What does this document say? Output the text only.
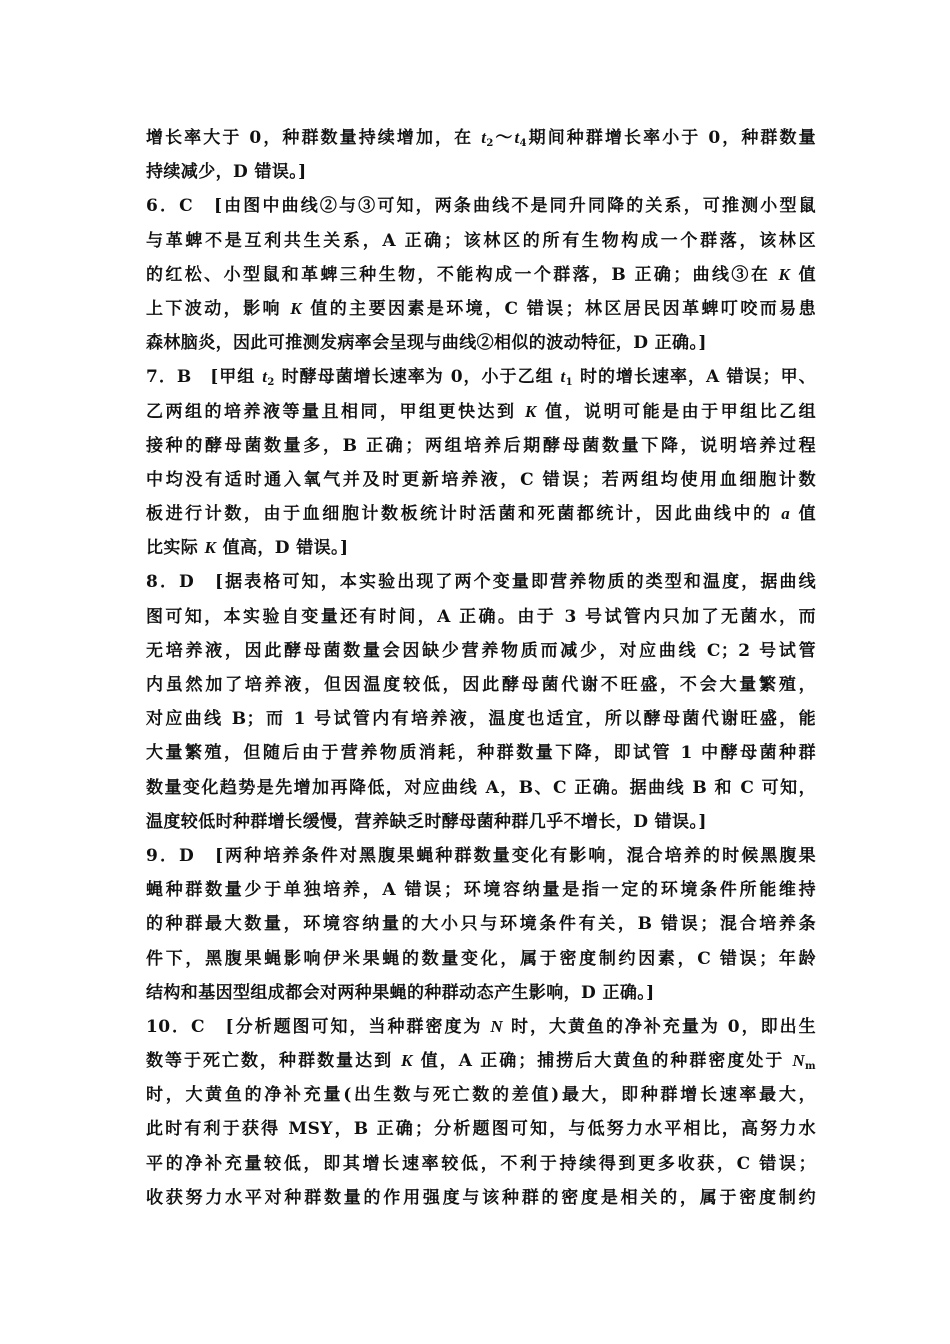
增长率大于 0，种群数量持续增加，在 $t_2\sim t_4$期间种群增长率小于 0，种群数量
持续减少，D 错误。]
6．C　[由图中曲线②与③可知，两条曲线不是同升同降的关系，可推测小型鼠
与革蜱不是互利共生关系，A 正确；该林区的所有生物构成一个群落，该林区
的红松、小型鼠和革蜱三种生物，不能构成一个群落，B 正确；曲线③在 K 值
上下波动，影响 K 值的主要因素是环境，C 错误；林区居民因革蜱叮咬而易患
森林脑炎，因此可推测发病率会呈现与曲线②相似的波动特征，D 正确。]
7．B　[甲组 $t_2$ 时酵母菌增长速率为 0，小于乙组 $t_1$ 时的增长速率，A 错误；甲、
乙两组的培养液等量且相同，甲组更快达到 K 值，说明可能是由于甲组比乙组
接种的酵母菌数量多，B 正确；两组培养后期酵母菌数量下降，说明培养过程
中均没有适时通入氧气并及时更新培养液，C 错误；若两组均使用血细胞计数
板进行计数，由于血细胞计数板统计时活菌和死菌都统计，因此曲线中的 a 值
比实际 K 值高，D 错误。]
8．D　[据表格可知，本实验出现了两个变量即营养物质的类型和温度，据曲线
图可知，本实验自变量还有时间，A 正确。由于 3 号试管内只加了无菌水，而
无培养液，因此酵母菌数量会因缺少营养物质而减少，对应曲线 C；2 号试管
内虽然加了培养液，但因温度较低，因此酵母菌代谢不旺盛，不会大量繁殖，
对应曲线 B；而 1 号试管内有培养液，温度也适宜，所以酵母菌代谢旺盛，能
大量繁殖，但随后由于营养物质消耗，种群数量下降，即试管 1 中酵母菌种群
数量变化趋势是先增加再降低，对应曲线 A，B、C 正确。据曲线 B 和 C 可知，
温度较低时种群增长缓慢，营养缺乏时酵母菌种群几乎不增长，D 错误。]
9．D　[两种培养条件对黑腹果蝇种群数量变化有影响，混合培养的时候黑腹果
蝇种群数量少于单独培养，A 错误；环境容纳量是指一定的环境条件所能维持
的种群最大数量，环境容纳量的大小只与环境条件有关，B 错误；混合培养条
件下，黑腹果蝇影响伊米果蝇的数量变化，属于密度制约因素，C 错误；年龄
结构和基因型组成都会对两种果蝇的种群动态产生影响，D 正确。]
10．C　[分析题图可知，当种群密度为 N 时，大黄鱼的净补充量为 0，即出生
数等于死亡数，种群数量达到 K 值，A 正确；捕捞后大黄鱼的种群密度处于 $N_m$
时，大黄鱼的净补充量(出生数与死亡数的差值)最大，即种群增长速率最大，
此时有利于获得 MSY，B 正确；分析题图可知，与低努力水平相比，高努力水
平的净补充量较低，即其增长速率较低，不利于持续得到更多收获，C 错误；
收获努力水平对种群数量的作用强度与该种群的密度是相关的，属于密度制约
